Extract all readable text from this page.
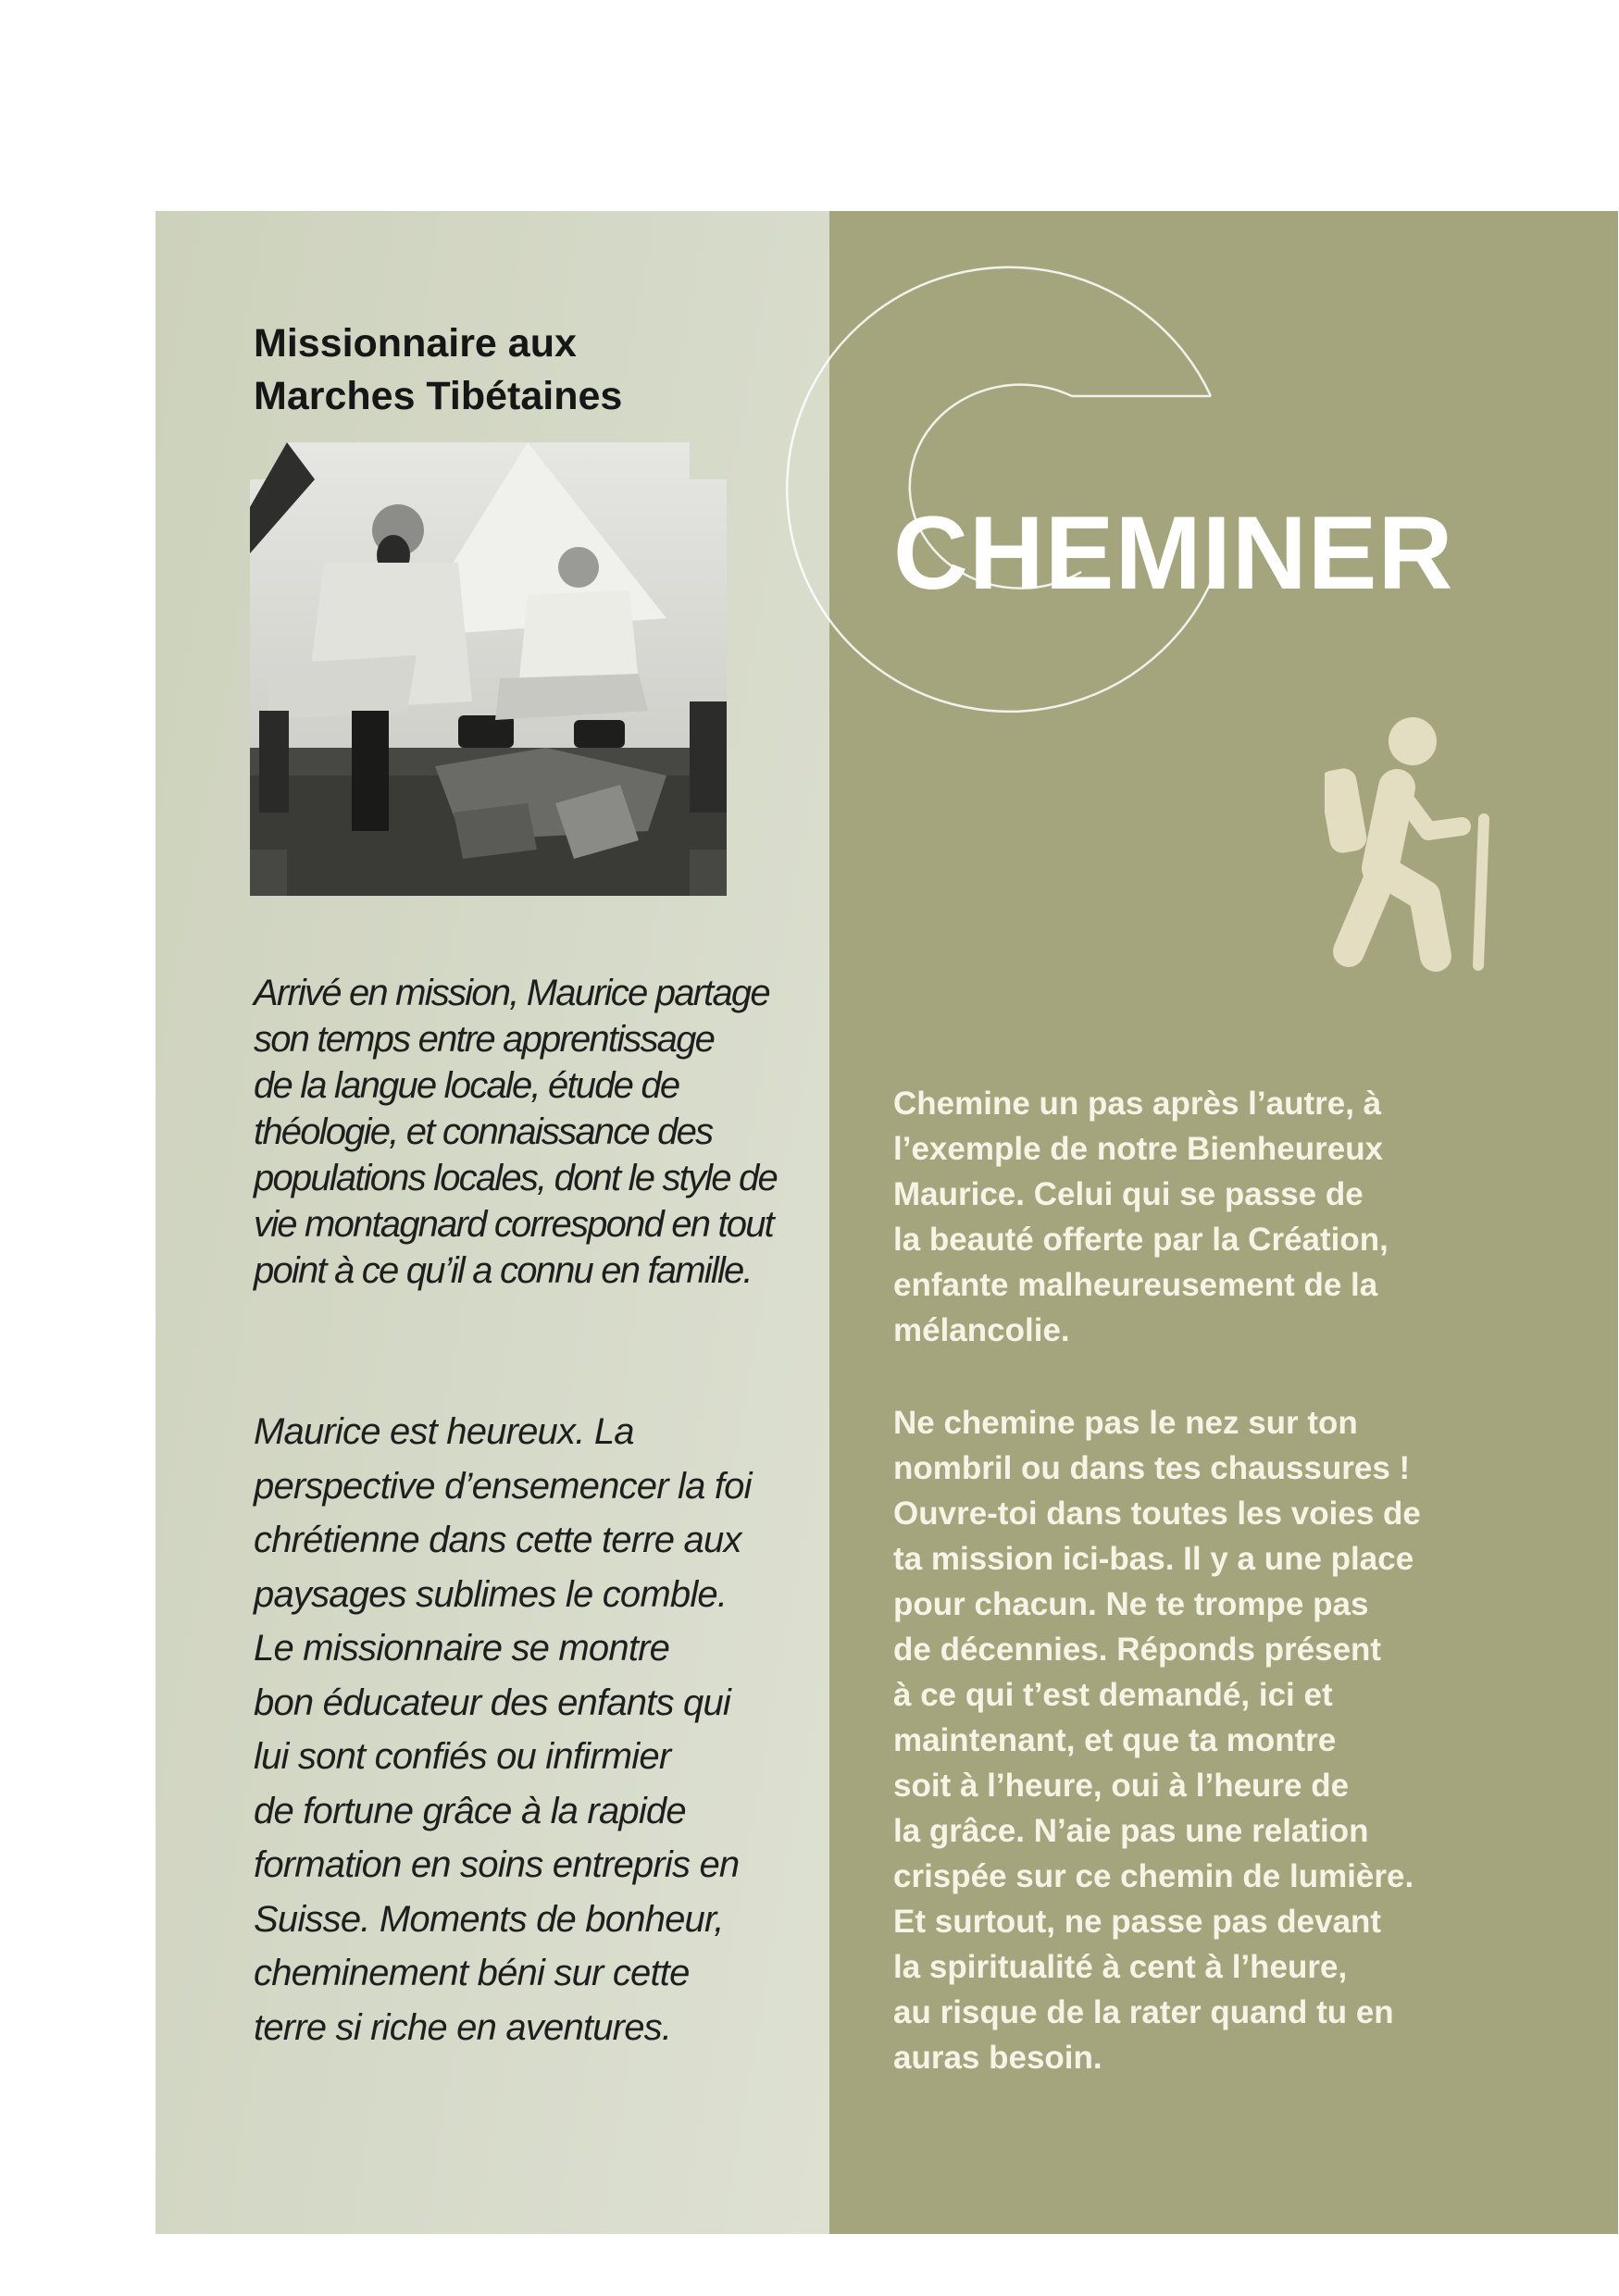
Missionnaire aux
Marches Tibétaines

Arrivé en mission, Maurice partage
son temps entre apprentissage
de la langue locale, étude de
théologie, et connaissance des
populations locales, dont le style de
vie montagnard correspond en tout
point à ce qu’il a connu en famille.

Maurice est heureux. La
perspective d’ensemencer la foi
chrétienne dans cette terre aux
paysages sublimes le comble.
Le missionnaire se montre
bon éducateur des enfants qui
lui sont confiés ou infirmier
de fortune grâce à la rapide
formation en soins entrepris en
Suisse. Moments de bonheur,
cheminement béni sur cette
terre si riche en aventures.

CHEMINER

Chemine un pas après l’autre, à
l’exemple de notre Bienheureux
Maurice. Celui qui se passe de
la beauté offerte par la Création,
enfante malheureusement de la
mélancolie.

Ne chemine pas le nez sur ton
nombril ou dans tes chaussures !
Ouvre-toi dans toutes les voies de
ta mission ici-bas. Il y a une place
pour chacun. Ne te trompe pas
de décennies. Réponds présent
à ce qui t’est demandé, ici et
maintenant, et que ta montre
soit à l’heure, oui à l’heure de
la grâce. N’aie pas une relation
crispée sur ce chemin de lumière.
Et surtout, ne passe pas devant
la spiritualité à cent à l’heure,
au risque de la rater quand tu en
auras besoin.
